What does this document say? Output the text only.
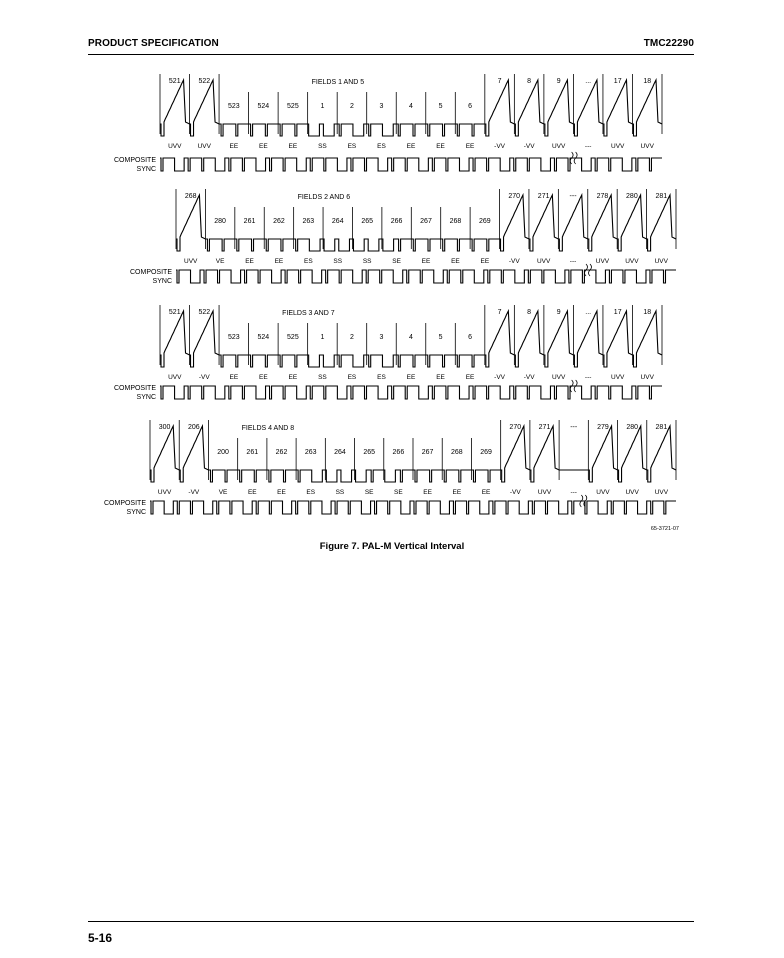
PRODUCT SPECIFICATION	TMC22290
521
UVV
522
UVV
523
EE
524
EE
525
EE
1
SS
2
ES
3
ES
4
EE
5
EE
6
EE
7
-VV
8
-VV
9
UVV
...
---
17
UVV
18
UVV
FIELDS 1 AND 5
COMPOSITE
SYNC
268
UVV
280
VE
261
EE
262
EE
263
ES
264
SS
265
SS
266
SE
267
EE
268
EE
269
EE
270
-VV
271
UVV
---
---
278
UVV
280
UVV
281
UVV
FIELDS 2 AND 6
COMPOSITE
SYNC
521
UVV
522
-VV
523
EE
524
EE
525
EE
1
SS
2
ES
3
ES
4
EE
5
EE
6
EE
7
-VV
8
-VV
9
UVV
...
---
17
UVV
18
UVV
FIELDS 3 AND 7
COMPOSITE
SYNC
300
UVV
206
-VV
200
VE
261
EE
262
EE
263
ES
264
SS
265
SE
266
SE
267
EE
268
EE
269
EE
270
-VV
271
UVV
---
---
279
UVV
280
UVV
281
UVV
FIELDS 4 AND 8
COMPOSITE
SYNC
65-3721-07
Figure 7. PAL-M Vertical Interval
5-16
